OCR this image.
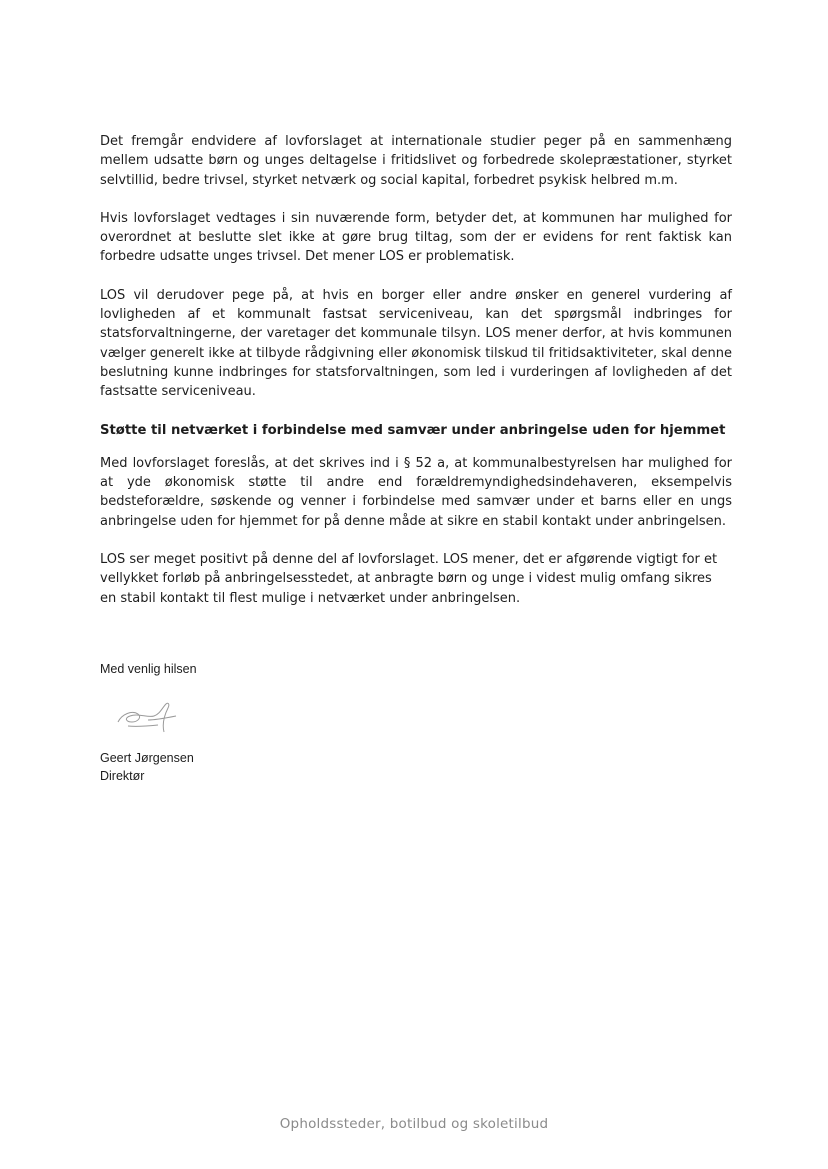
Det fremgår endvidere af lovforslaget at internationale studier peger på en sammenhæng mellem udsatte børn og unges deltagelse i fritidslivet og forbedrede skolepræstationer, styrket selvtillid, bedre trivsel, styrket netværk og social kapital, forbedret psykisk helbred m.m.

Hvis lovforslaget vedtages i sin nuværende form, betyder det, at kommunen har mulighed for overordnet at beslutte slet ikke at gøre brug tiltag, som der er evidens for rent faktisk kan forbedre udsatte unges trivsel. Det mener LOS er problematisk.

LOS vil derudover pege på, at hvis en borger eller andre ønsker en generel vurdering af lovligheden af et kommunalt fastsat serviceniveau, kan det spørgsmål indbringes for statsforvaltningerne, der varetager det kommunale tilsyn. LOS mener derfor, at hvis kommunen vælger generelt ikke at tilbyde rådgivning eller økonomisk tilskud til fritidsaktiviteter, skal denne beslutning kunne indbringes for statsforvaltningen, som led i vurderingen af lovligheden af det fastsatte serviceniveau.

Støtte til netværket i forbindelse med samvær under anbringelse uden for hjemmet

Med lovforslaget foreslås, at det skrives ind i § 52 a, at kommunalbestyrelsen har mulighed for at yde økonomisk støtte til andre end forældremyndighedsindehaveren, eksempelvis bedsteforældre, søskende og venner i forbindelse med samvær under et barns eller en ungs anbringelse uden for hjemmet for på denne måde at sikre en stabil kontakt under anbringelsen.

LOS ser meget positivt på denne del af lovforslaget. LOS mener, det er afgørende vigtigt for et vellykket forløb på anbringelsesstedet, at anbragte børn og unge i videst mulig omfang sikres en stabil kontakt til flest mulige i netværket under anbringelsen.

Med venlig hilsen
Geert Jørgensen
Direktør
Opholdssteder, botilbud og skoletilbud
